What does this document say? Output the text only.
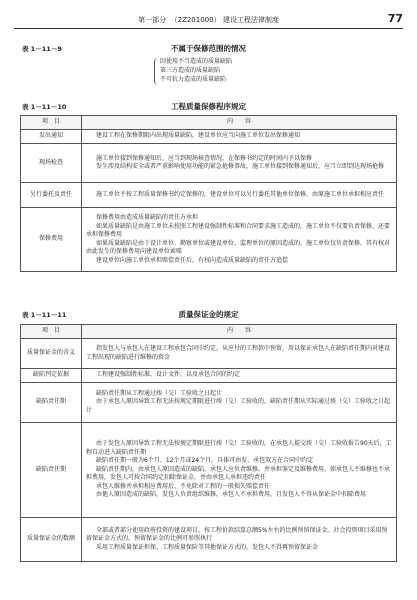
第一部分 （2Z201000） 建设工程法律制度	77
表 1－11－9	不属于保修范围的情况
因使用不当造成的质量缺陷
第三方造成的质量缺陷
不可抗力造成的质量缺陷
表 1－11－10	工程质量保修程序规定
项　目	内　　容
发出通知	建设工程在保修期限内出现质量缺陷，建设单位应当向施工单位发出保修通知

现场检查	施工单位接到保修通知后，应当到现场核查情况，在保修书约定的时间内予以保修

发生涉及结构安全或者严重影响使用功能的紧急抢修事故，施工单位接到保修通知后，应当立即到达现场抢修

另行委托及责任	施工单位不按工程质量保修书约定保修的，建设单位可以另行委托其他单位保修，由原施工单位承担相应责任

保修费用	保修费用由造成质量缺陷的责任方承担

如果质量缺陷是由施工单位未按照工程建设强制性标准和合同要求施工造成的，施工单位不仅要负责保修，还要承担保修费用

如果质量缺陷是由于设计单位、勘察单位或建设单位、监理单位的原因造成的，施工单位仅负责保修，其有权对由此发生的保修费用向建设单位索赔

建设单位向施工单位承担赔偿责任后，有权向造成质量缺陷的责任方追偿

表 1－11－11	质量保证金的规定
项　目	内　　容
质量保证金的含义	指发包人与承包人在建设工程承包合同中约定，从应付的工程款中预留，用以保证承包人在缺陷责任期内对建设工程出现的缺陷进行维修的资金

缺陷判定依据	工程建设强制性标准、设计文件，以及承包合同的约定

缺陷责任期	缺陷责任期从工程通过竣（交）工验收之日起计

由于承包人原因导致工程无法按规定期限进行竣（交）工验收的，缺陷责任期从实际通过竣（交）工验收之日起计

缺陷责任期	由于发包人原因导致工程无法按规定期限进行竣（交）工验收的，在承包人提交竣（交）工验收报告90天后，工程自动进入缺陷责任期

缺陷责任期一般为6个月、12个月或24个月，具体可由发、承包双方在合同中约定

缺陷责任期内，由承包人原因造成的缺陷，承包人应负责维修，并承担鉴定及维修费用。如承包人不维修也不承担费用，发包人可按合同约定扣除保证金，并由承包人承担违约责任

承包人维修并承担相应费用后，不免除对工程的一般损失赔偿责任

由他人原因造成的缺陷，发包人负责组织维修，承包人不承担费用，且发包人不得从保证金中扣除费用

质量保证金的数额	全部或者部分使用政府投资的建设项目，按工程价款结算总额5%左右的比例预留保证金。社会投资项目采用预留保证金方式的，预留保证金的比例可参照执行

采用工程质量保证担保、工程质量保险等其他保证方式的，发包人不得再预留保证金
